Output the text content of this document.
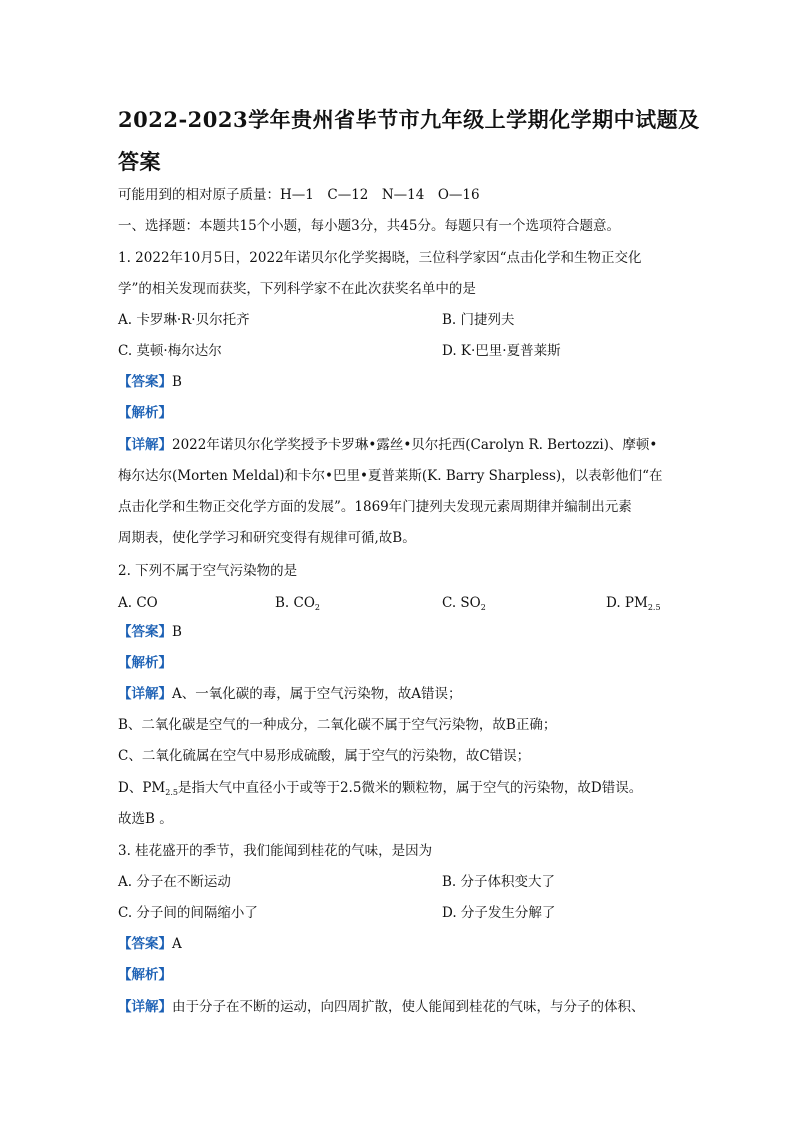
2022-2023学年贵州省毕节市九年级上学期化学期中试题及
答案
可能用到的相对原子质量：H—1　C—12　N—14　O—16
一、选择题：本题共15个小题，每小题3分，共45分。每题只有一个选项符合题意。
1. 2022年10月5日，2022年诺贝尔化学奖揭晓，三位科学家因“点击化学和生物正交化
学”的相关发现而获奖，下列科学家不在此次获奖名单中的是
A. 卡罗琳·R·贝尔托齐	B. 门捷列夫
C. 莫顿·梅尔达尔	D. K·巴里·夏普莱斯
【答案】B
【解析】
【详解】2022年诺贝尔化学奖授予卡罗琳•露丝•贝尔托西(Carolyn R. Bertozzi)、摩顿•
梅尔达尔(Morten Meldal)和卡尔•巴里•夏普莱斯(K. Barry Sharpless)，以表彰他们“在
点击化学和生物正交化学方面的发展”。1869年门捷列夫发现元素周期律并编制出元素
周期表，使化学学习和研究变得有规律可循,故B。
2. 下列不属于空气污染物的是
A. CO	B. $CO_2$	C. $SO_2$	D. $PM_{2.5}$
【答案】B
【解析】
【详解】A、一氧化碳的毒，属于空气污染物，故A错误；
B、二氧化碳是空气的一种成分，二氧化碳不属于空气污染物，故B正确；
C、二氧化硫属在空气中易形成硫酸，属于空气的污染物，故C错误；
D、$PM_{2.5}$是指大气中直径小于或等于2.5微米的颗粒物，属于空气的污染物，故D错误。
故选B 。
3. 桂花盛开的季节，我们能闻到桂花的气味，是因为
A. 分子在不断运动	B. 分子体积变大了
C. 分子间的间隔缩小了	D. 分子发生分解了
【答案】A
【解析】
【详解】由于分子在不断的运动，向四周扩散，使人能闻到桂花的气味，与分子的体积、
